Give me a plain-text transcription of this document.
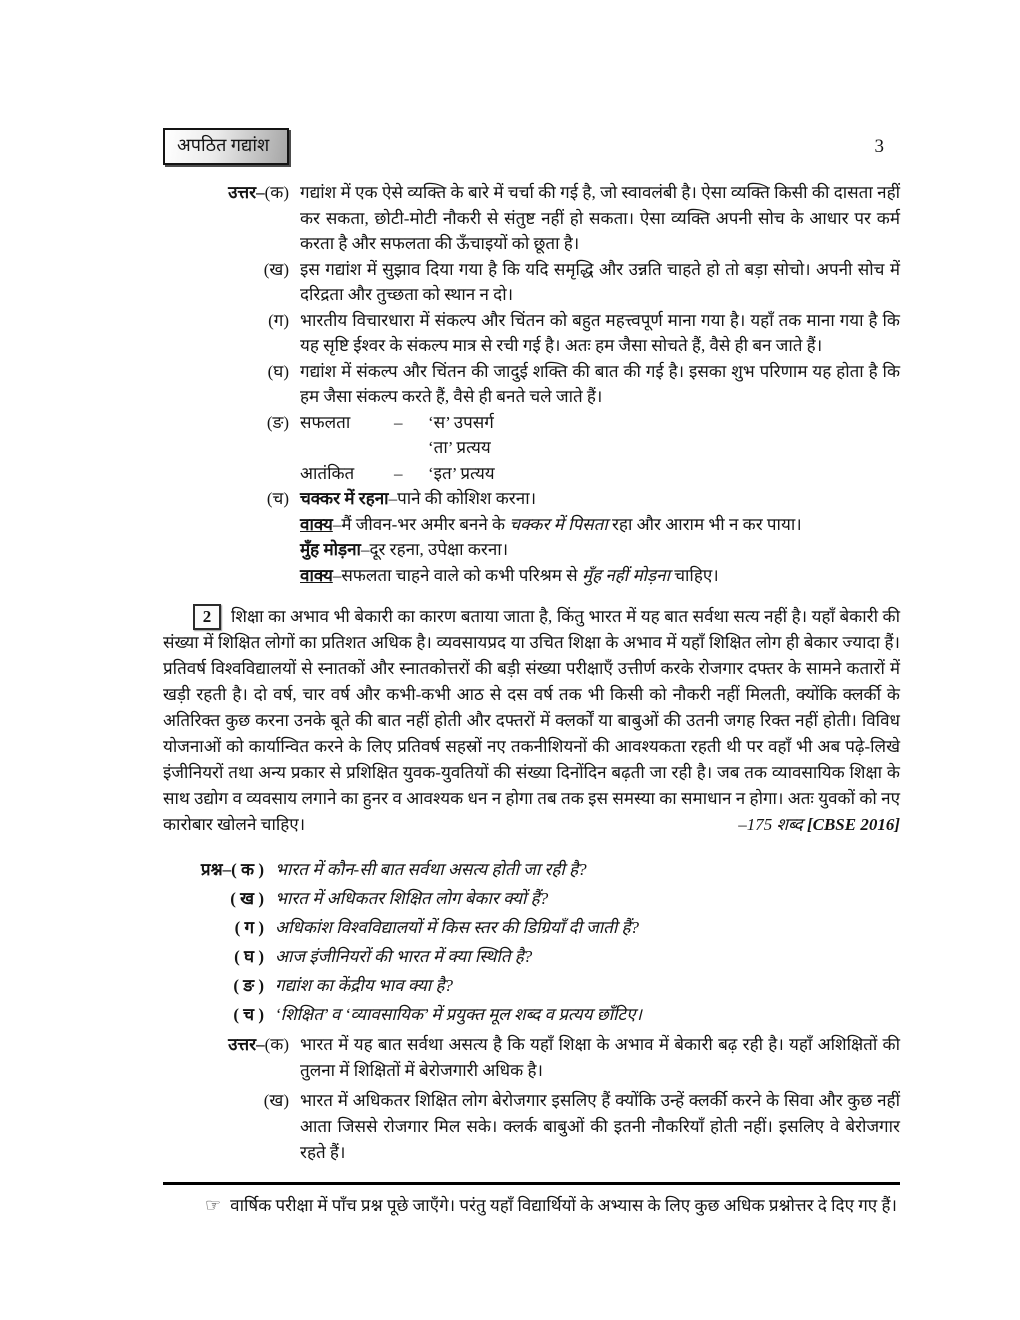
अपठित गद्यांश	3
उत्तर–(क) गद्यांश में एक ऐसे व्यक्ति के बारे में चर्चा की गई है, जो स्वावलंबी है। ऐसा व्यक्ति किसी की दासता नहीं कर सकता, छोटी-मोटी नौकरी से संतुष्ट नहीं हो सकता। ऐसा व्यक्ति अपनी सोच के आधार पर कर्म करता है और सफलता की ऊँचाइयों को छूता है।
(ख) इस गद्यांश में सुझाव दिया गया है कि यदि समृद्धि और उन्नति चाहते हो तो बड़ा सोचो। अपनी सोच में दरिद्रता और तुच्छता को स्थान न दो।
(ग) भारतीय विचारधारा में संकल्प और चिंतन को बहुत महत्त्वपूर्ण माना गया है। यहाँ तक माना गया है कि यह सृष्टि ईश्वर के संकल्प मात्र से रची गई है। अतः हम जैसा सोचते हैं, वैसे ही बन जाते हैं।
(घ) गद्यांश में संकल्प और चिंतन की जादुई शक्ति की बात की गई है। इसका शुभ परिणाम यह होता है कि हम जैसा संकल्प करते हैं, वैसे ही बनते चले जाते हैं।
(ङ) सफलता	–	‘स’ उपसर्ग
‘ता’ प्रत्यय
आतंकित	–	‘इत’ प्रत्यय
(च) चक्कर में रहना–पाने की कोशिश करना।
वाक्य–मैं जीवन-भर अमीर बनने के चक्कर में पिसता रहा और आराम भी न कर पाया।
मुँह मोड़ना–दूर रहना, उपेक्षा करना।
वाक्य–सफलता चाहने वाले को कभी परिश्रम से मुँह नहीं मोड़ना चाहिए।
2 शिक्षा का अभाव भी बेकारी का कारण बताया जाता है, किंतु भारत में यह बात सर्वथा सत्य नहीं है। यहाँ बेकारी की संख्या में शिक्षित लोगों का प्रतिशत अधिक है। व्यवसायप्रद या उचित शिक्षा के अभाव में यहाँ शिक्षित लोग ही बेकार ज्यादा हैं। प्रतिवर्ष विश्वविद्यालयों से स्नातकों और स्नातकोत्तरों की बड़ी संख्या परीक्षाएँ उत्तीर्ण करके रोजगार दफ्तर के सामने कतारों में खड़ी रहती है। दो वर्ष, चार वर्ष और कभी-कभी आठ से दस वर्ष तक भी किसी को नौकरी नहीं मिलती, क्योंकि क्लर्की के अतिरिक्त कुछ करना उनके बूते की बात नहीं होती और दफ्तरों में क्लर्कों या बाबुओं की उतनी जगह रिक्त नहीं होती। विविध योजनाओं को कार्यान्वित करने के लिए प्रतिवर्ष सहस्रों नए तकनीशियनों की आवश्यकता रहती थी पर वहाँ भी अब पढ़े-लिखे इंजीनियरों तथा अन्य प्रकार से प्रशिक्षित युवक-युवतियों की संख्या दिनोंदिन बढ़ती जा रही है। जब तक व्यावसायिक शिक्षा के साथ उद्योग व व्यवसाय लगाने का हुनर व आवश्यक धन न होगा तब तक इस समस्या का समाधान न होगा। अतः युवकों को नए कारोबार खोलने चाहिए।	–175 शब्द [CBSE 2016]
प्रश्न–( क ) भारत में कौन-सी बात सर्वथा असत्य होती जा रही है?
( ख ) भारत में अधिकतर शिक्षित लोग बेकार क्यों हैं?
( ग ) अधिकांश विश्वविद्यालयों में किस स्तर की डिग्रियाँ दी जाती हैं?
( घ ) आज इंजीनियरों की भारत में क्या स्थिति है?
( ङ ) गद्यांश का केंद्रीय भाव क्या है?
( च ) ‘शिक्षित’ व ‘व्यावसायिक’ में प्रयुक्त मूल शब्द व प्रत्यय छाँटिए।
उत्तर–(क) भारत में यह बात सर्वथा असत्य है कि यहाँ शिक्षा के अभाव में बेकारी बढ़ रही है। यहाँ अशिक्षितों की तुलना में शिक्षितों में बेरोजगारी अधिक है।
(ख) भारत में अधिकतर शिक्षित लोग बेरोजगार इसलिए हैं क्योंकि उन्हें क्लर्की करने के सिवा और कुछ नहीं आता जिससे रोजगार मिल सके। क्लर्क बाबुओं की इतनी नौकरियाँ होती नहीं। इसलिए वे बेरोजगार रहते हैं।
☞ वार्षिक परीक्षा में पाँच प्रश्न पूछे जाएँगे। परंतु यहाँ विद्यार्थियों के अभ्यास के लिए कुछ अधिक प्रश्नोत्तर दे दिए गए हैं।
